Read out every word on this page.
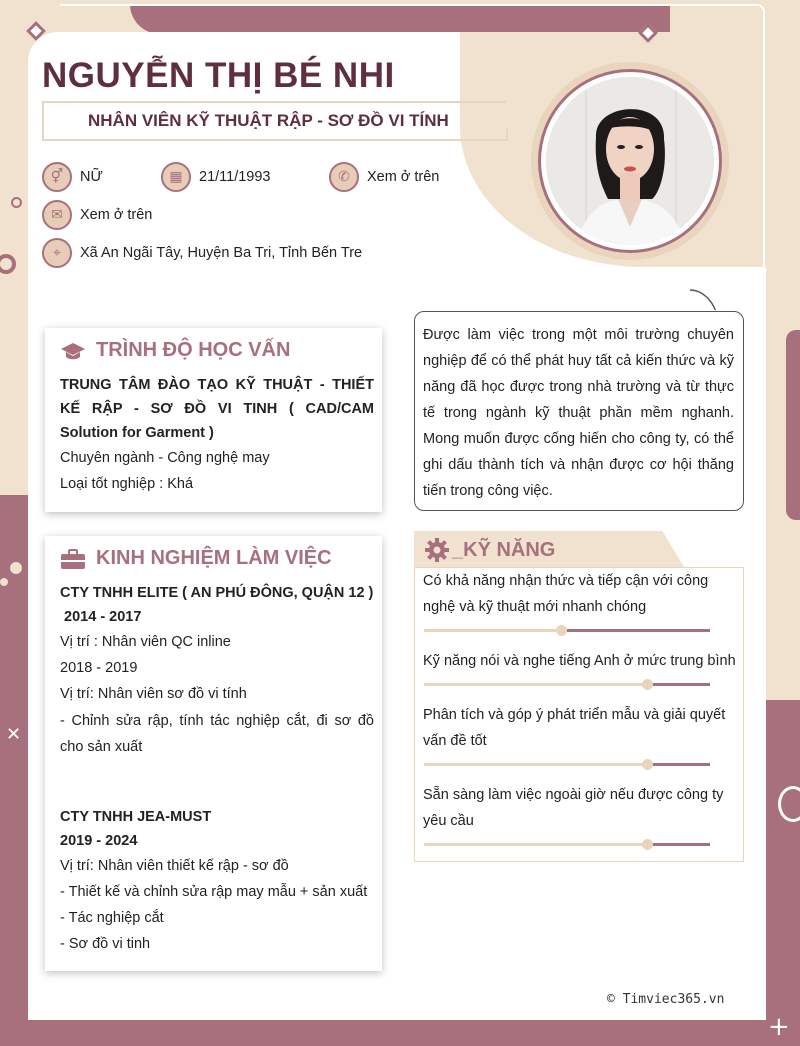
✕
+
NGUYỄN THỊ BÉ NHI
NHÂN VIÊN KỸ THUẬT RẬP - SƠ ĐỒ VI TÍNH
⚥	NỮ	▦	21/11/1993	✆	Xem ở trên
✉	Xem ở trên
⌖	Xã An Ngãi Tây, Huyện Ba Tri, Tỉnh Bến Tre
TRÌNH ĐỘ HỌC VẤN
TRUNG TÂM ĐÀO TẠO KỸ THUẬT - THIẾT KẾ RẬP - SƠ ĐỒ VI TINH ( CAD/CAM Solution for Garment )
Chuyên ngành - Công nghệ may
Loại tốt nghiệp : Khá
KINH NGHIỆM LÀM VIỆC
CTY TNHH ELITE ( AN PHÚ ĐÔNG, QUẬN 12 )
2014 - 2017
Vị trí : Nhân viên QC inline
2018 - 2019
Vị trí: Nhân viên sơ đồ vi tính
- Chỉnh sửa rập, tính tác nghiệp cắt, đi sơ đồ cho sản xuất
CTY TNHH JEA-MUST
2019 - 2024
Vị trí: Nhân viên thiết kế rập - sơ đồ
- Thiết kế và chỉnh sửa rập may mẫu + sản xuất
- Tác nghiệp cắt
- Sơ đồ vi tinh
Được làm việc trong một môi trường chuyên nghiệp để có thể phát huy tất cả kiến thức và kỹ năng đã học được trong nhà trường và từ thực tế trong ngành kỹ thuật phần mềm nghanh. Mong muốn được cống hiến cho công ty, có thể ghi dấu thành tích và nhận được cơ hội thăng tiến trong công việc.
_KỸ NĂNG
Có khả năng nhận thức và tiếp cận với công nghệ và kỹ thuật mới nhanh chóng
Kỹ năng nói và nghe tiếng Anh ở mức trung bình
Phân tích và góp ý phát triển mẫu và giải quyết vấn đề tốt
Sẵn sàng làm việc ngoài giờ nếu được công ty yêu cầu
© Timviec365.vn
